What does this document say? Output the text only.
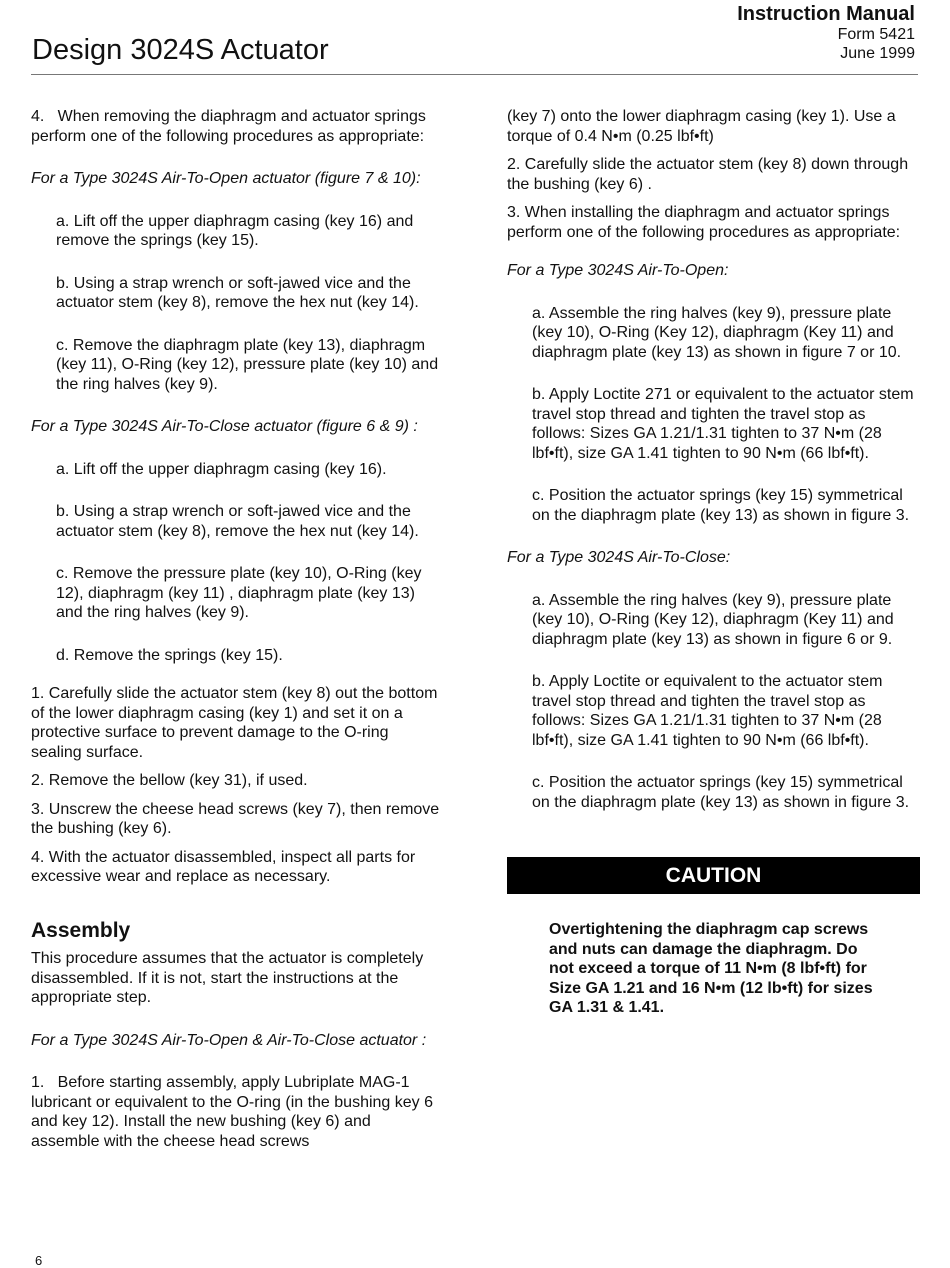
Instruction Manual
Form 5421
June 1999
Design 3024S Actuator

4.   When removing the diaphragm and actuator springs perform one of the following procedures as appropriate:

For a Type 3024S Air-To-Open actuator (figure 7 & 10):

a. Lift off the upper diaphragm casing (key 16) and remove the springs (key 15).

b. Using a strap wrench or soft-jawed vice and the actuator stem (key 8), remove the hex nut (key 14).

c. Remove the diaphragm plate (key 13), diaphragm (key 11), O-Ring (key 12), pressure plate (key 10) and the ring halves (key 9).

For a Type 3024S Air-To-Close actuator (figure 6 & 9) :

a. Lift off the upper diaphragm casing (key 16).

b. Using a strap wrench or soft-jawed vice and the actuator stem (key 8), remove the hex nut (key 14).

c. Remove the pressure plate (key 10), O-Ring (key 12), diaphragm (key 11) , diaphragm plate (key 13) and the ring halves (key 9).

d. Remove the springs (key 15).

1. Carefully slide the actuator stem (key 8) out the bottom of the lower diaphragm casing (key 1) and set it on a protective surface to prevent damage to the O-ring sealing surface.

2. Remove the bellow (key 31), if used.

3. Unscrew the cheese head screws (key 7), then remove the bushing (key 6).

4. With the actuator disassembled, inspect all parts for excessive wear and replace as necessary.

Assembly

This procedure assumes that the actuator is completely disassembled. If it is not, start the instructions at the appropriate step.

For a Type 3024S Air-To-Open & Air-To-Close actuator :

1.   Before starting assembly, apply Lubriplate MAG-1 lubricant or equivalent to the O-ring (in the bushing key 6 and key 12). Install the new bushing (key 6) and assemble with the cheese head screws

(key 7) onto the lower diaphragm casing (key 1). Use a torque of 0.4 N•m (0.25 lbf•ft)

2. Carefully slide the actuator stem (key 8) down through the bushing (key 6) .

3. When installing the diaphragm and actuator springs perform one of the following procedures as appropriate:

For a Type 3024S Air-To-Open:

a. Assemble the ring halves (key 9), pressure plate (key 10), O-Ring (Key 12), diaphragm (Key 11) and diaphragm plate (key 13) as shown in figure 7 or 10.

b. Apply Loctite 271 or equivalent to the actuator stem travel stop thread and tighten the travel stop as follows: Sizes GA 1.21/1.31 tighten to 37 N•m (28 lbf•ft), size GA 1.41 tighten to 90 N•m (66 lbf•ft).

c. Position the actuator springs (key 15) symmetrical on the diaphragm plate (key 13) as shown in figure 3.

For a Type 3024S Air-To-Close:

a. Assemble the ring halves (key 9), pressure plate (key 10), O-Ring (Key 12), diaphragm (Key 11) and diaphragm plate (key 13) as shown in figure 6 or 9.

b. Apply Loctite or equivalent to the actuator stem travel stop thread and tighten the travel stop as follows: Sizes GA 1.21/1.31 tighten to 37 N•m (28 lbf•ft), size GA 1.41 tighten to 90 N•m (66 lbf•ft).

c. Position the actuator springs (key 15) symmetrical on the diaphragm plate (key 13) as shown in figure 3.

CAUTION

Overtightening the diaphragm cap screws and nuts can damage the diaphragm. Do not exceed a torque of 11 N•m (8 lbf•ft) for Size GA 1.21 and 16 N•m (12 lb•ft) for sizes GA 1.31 & 1.41.

6
